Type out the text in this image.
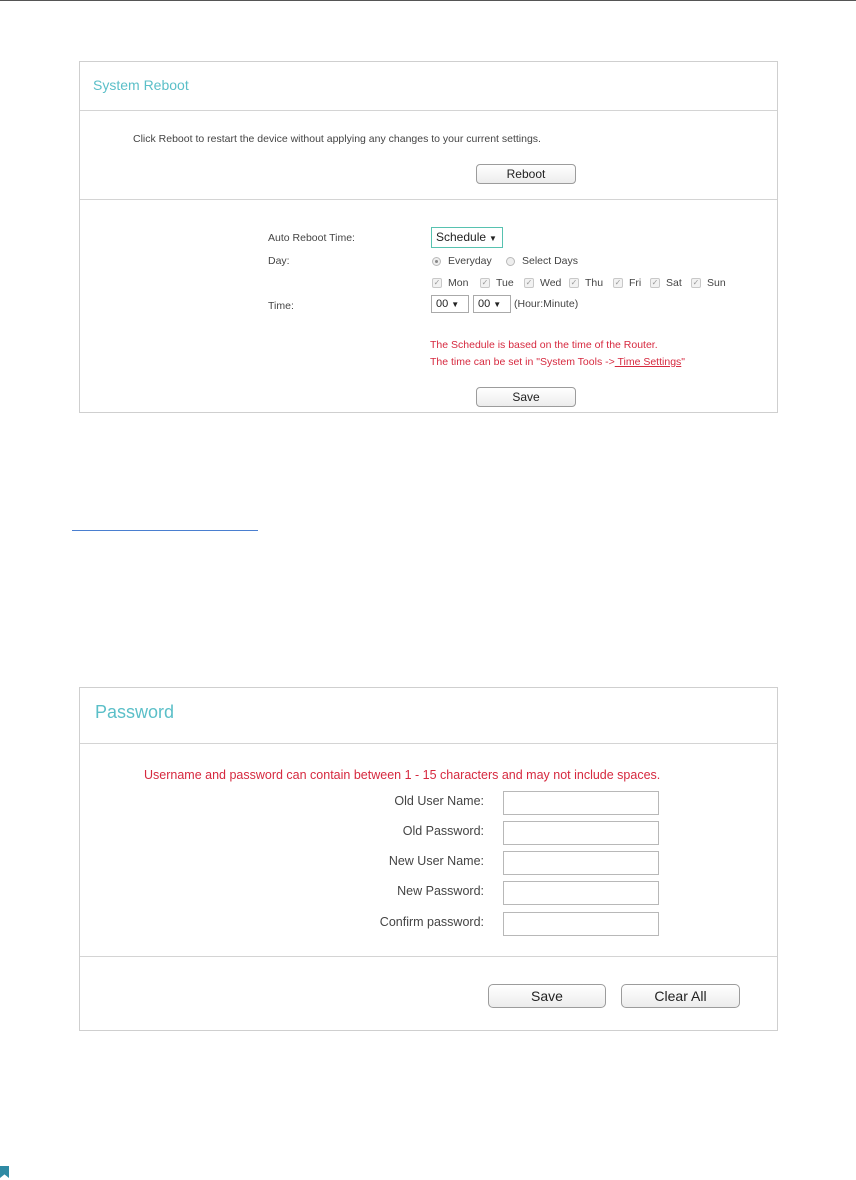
System Reboot
Click Reboot to restart the device without applying any changes to your current settings.
Reboot
Auto Reboot Time:	Schedule ▼
Day:	Everyday	Select Days
✓ Mon ✓ Tue ✓ Wed ✓ Thu ✓ Fri ✓ Sat ✓ Sun
Time:	00 ▼	00 ▼	(Hour:Minute)
The Schedule is based on the time of the Router.
The time can be set in "System Tools -> Time Settings"
Save
Password
Username and password can contain between 1 - 15 characters and may not include spaces.
Old User Name:
Old Password:
New User Name:
New Password:
Confirm password:
Save	Clear All
